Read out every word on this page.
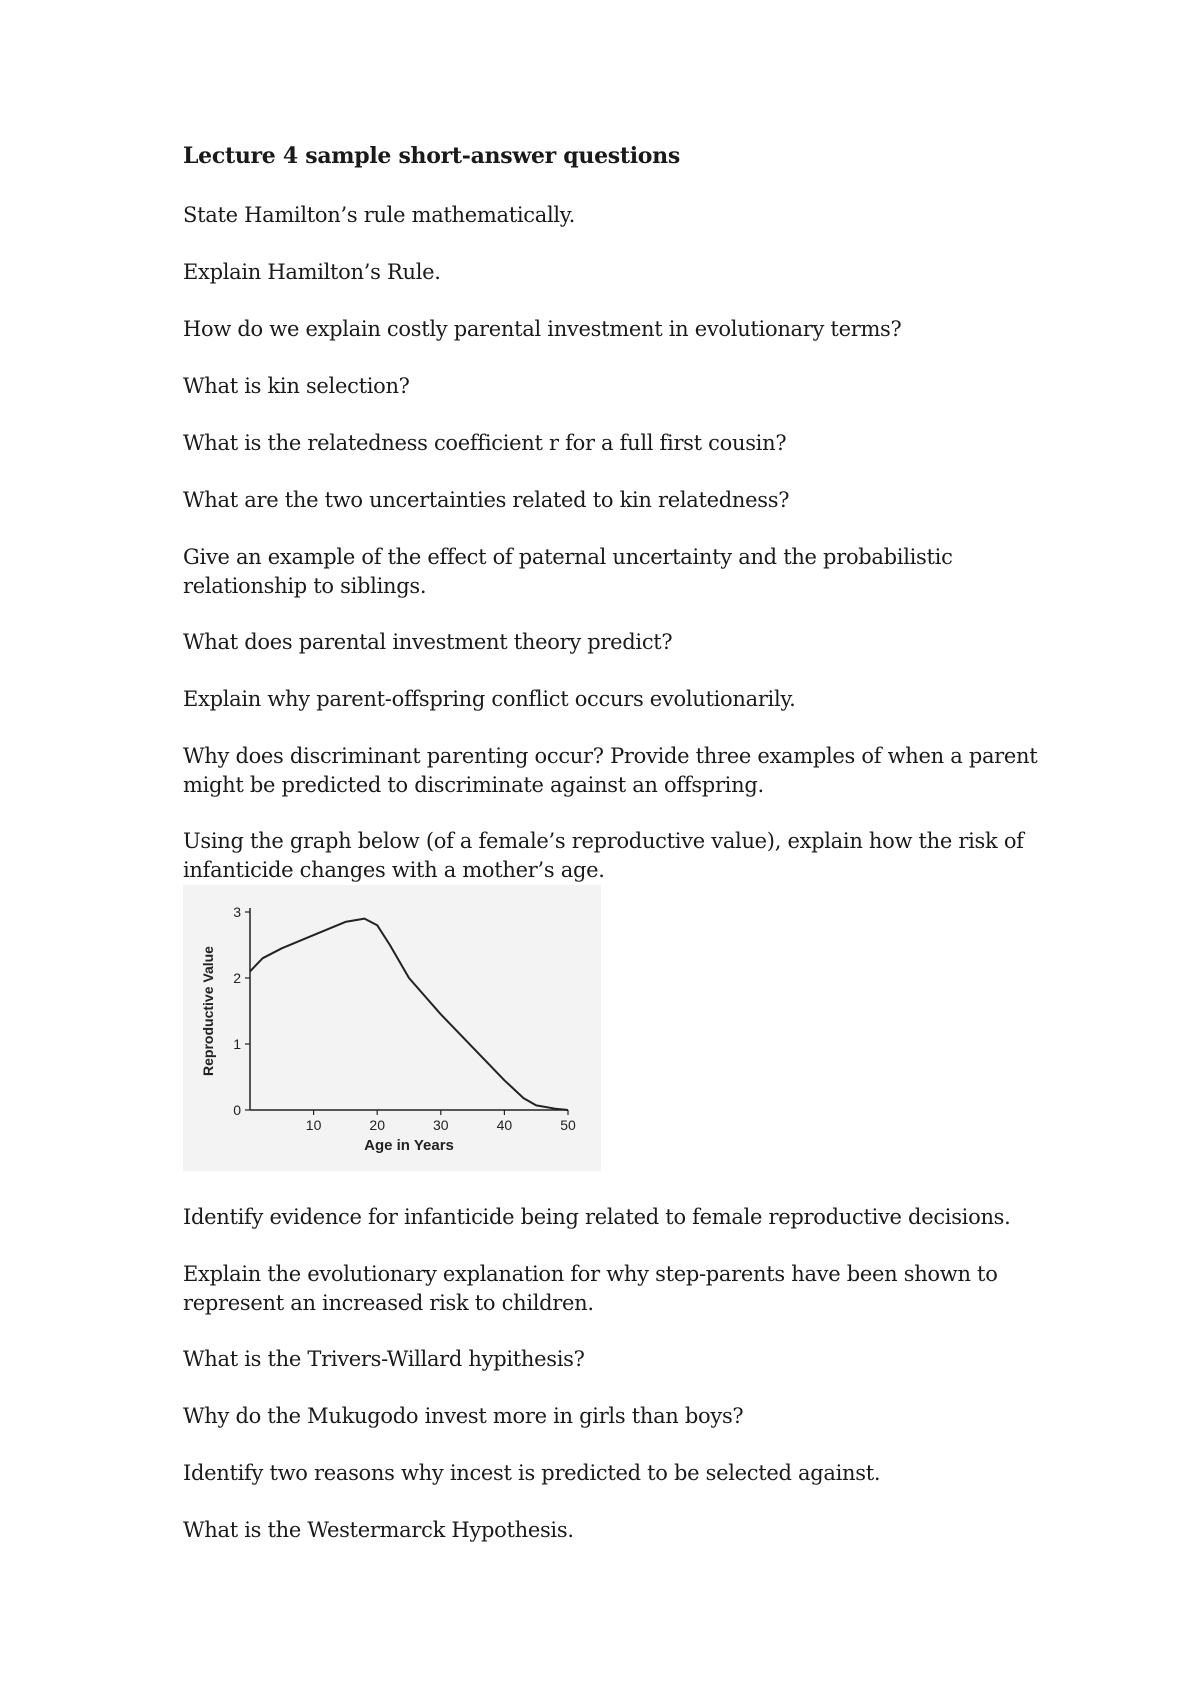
Lecture 4 sample short-answer questions
State Hamilton’s rule mathematically.
Explain Hamilton’s Rule.
How do we explain costly parental investment in evolutionary terms?
What is kin selection?
What is the relatedness coefficient r for a full first cousin?
What are the two uncertainties related to kin relatedness?
Give an example of the effect of paternal uncertainty and the probabilistic relationship to siblings.
What does parental investment theory predict?
Explain why parent-offspring conflict occurs evolutionarily.
Why does discriminant parenting occur? Provide three examples of when a parent might be predicted to discriminate against an offspring.
Using the graph below (of a female’s reproductive value), explain how the risk of infanticide changes with a mother’s age.
10	20	30	40	50
0
1
2
3
Age in Years
Reproductive Value
Identify evidence for infanticide being related to female reproductive decisions.
Explain the evolutionary explanation for why step-parents have been shown to represent an increased risk to children.
What is the Trivers-Willard hypithesis?
Why do the Mukugodo invest more in girls than boys?
Identify two reasons why incest is predicted to be selected against.
What is the Westermarck Hypothesis.
